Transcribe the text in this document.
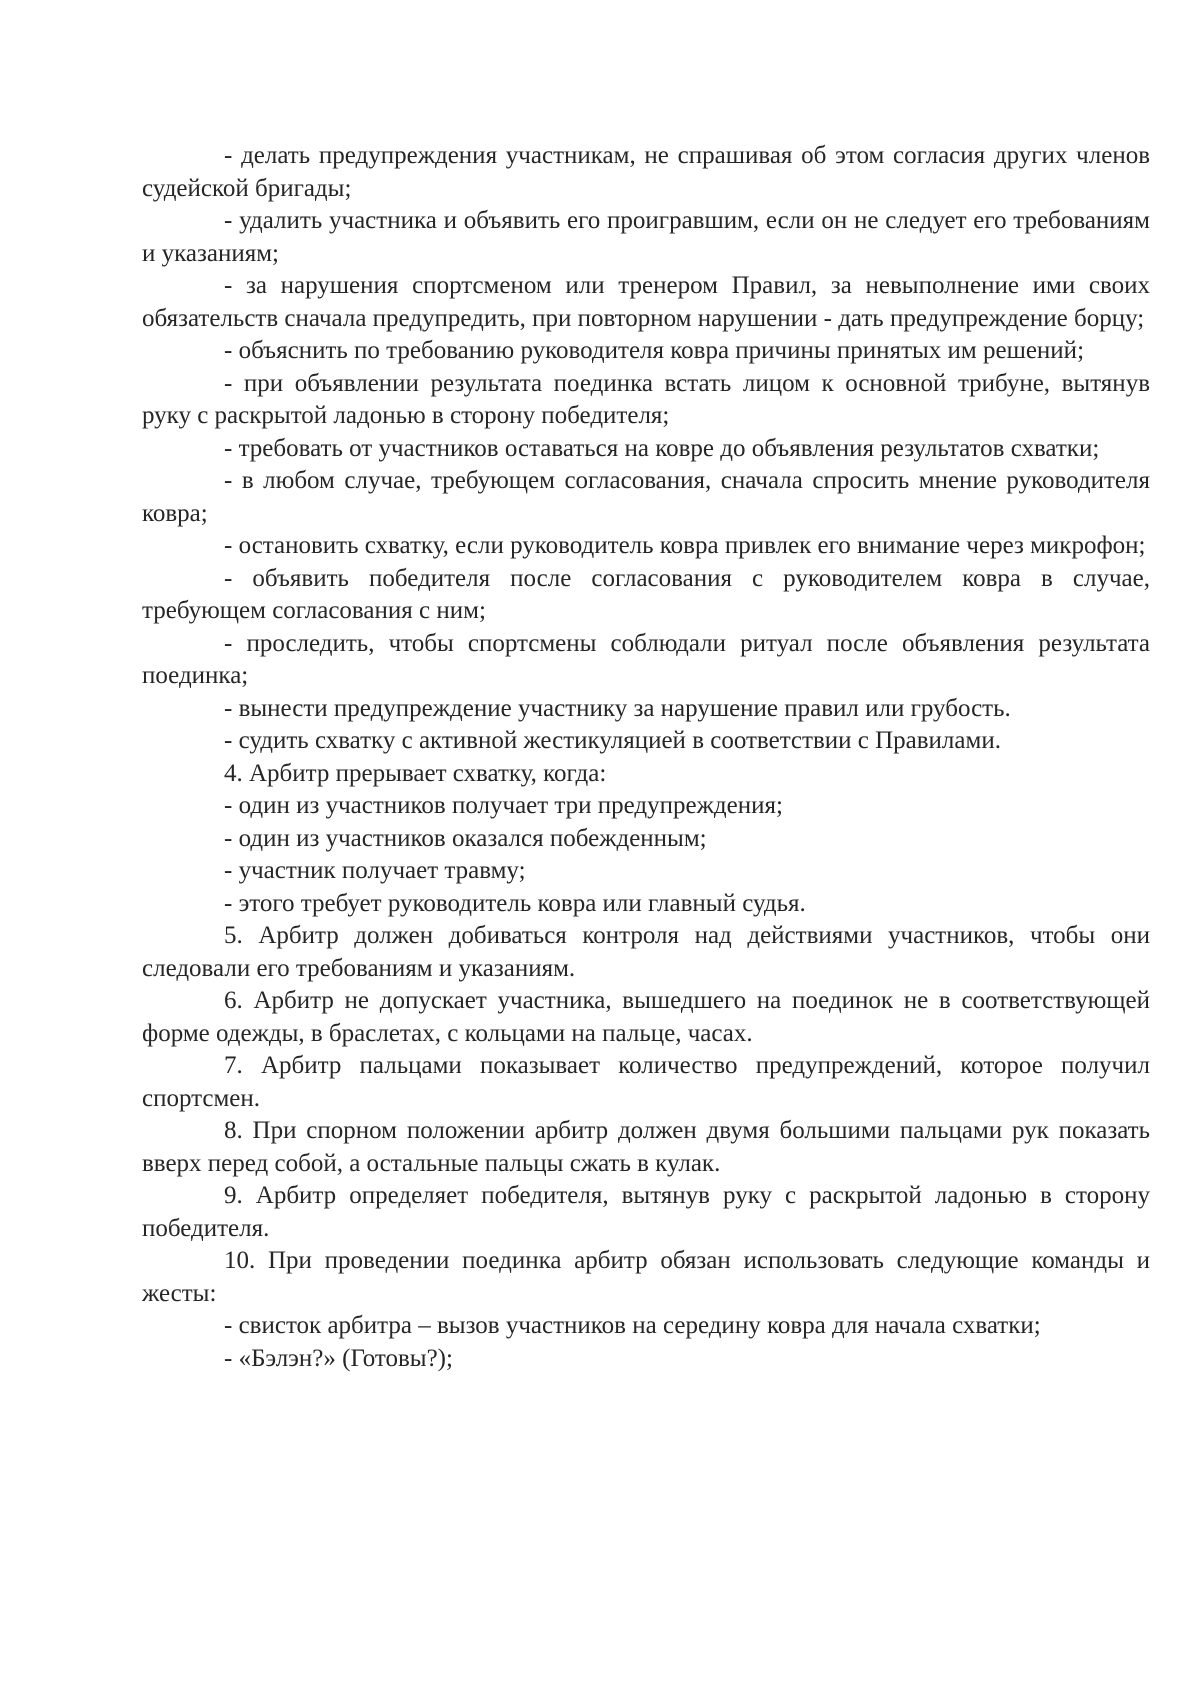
- делать предупреждения участникам, не спрашивая об этом согласия других членов судейской бригады;

- удалить участника и объявить его проигравшим, если он не следует его требованиям и указаниям;

- за нарушения спортсменом или тренером Правил, за невыполнение ими своих обязательств сначала предупредить, при повторном нарушении - дать предупреждение борцу;

- объяснить по требованию руководителя ковра причины принятых им решений;

- при объявлении результата поединка встать лицом к основной трибуне, вытянув руку с раскрытой ладонью в сторону победителя;

- требовать от участников оставаться на ковре до объявления результатов схватки;

- в любом случае, требующем согласования, сначала спросить мнение руководителя ковра;

- остановить схватку, если руководитель ковра привлек его внимание через микрофон;

- объявить победителя после согласования с руководителем ковра в случае, требующем согласования с ним;

- проследить, чтобы спортсмены соблюдали ритуал после объявления результата поединка;

- вынести предупреждение участнику за нарушение правил или грубость.

- судить схватку с активной жестикуляцией в соответствии с Правилами.

4. Арбитр прерывает схватку, когда:

- один из участников получает три предупреждения;

- один из участников оказался побежденным;

- участник получает травму;

- этого требует руководитель ковра или главный судья.

5. Арбитр должен добиваться контроля над действиями участников, чтобы они следовали его требованиям и указаниям.

6. Арбитр не допускает участника, вышедшего на поединок не в соответствующей форме одежды, в браслетах, с кольцами на пальце, часах.

7. Арбитр пальцами показывает количество предупреждений, которое получил спортсмен.

8. При спорном положении арбитр должен двумя большими пальцами рук показать вверх перед собой, а остальные пальцы сжать в кулак.

9. Арбитр определяет победителя, вытянув руку с раскрытой ладонью в сторону победителя.

10. При проведении поединка арбитр обязан использовать следующие команды и жесты:

- свисток арбитра – вызов участников на середину ковра для начала схватки;

- «Бэлэн?» (Готовы?);
